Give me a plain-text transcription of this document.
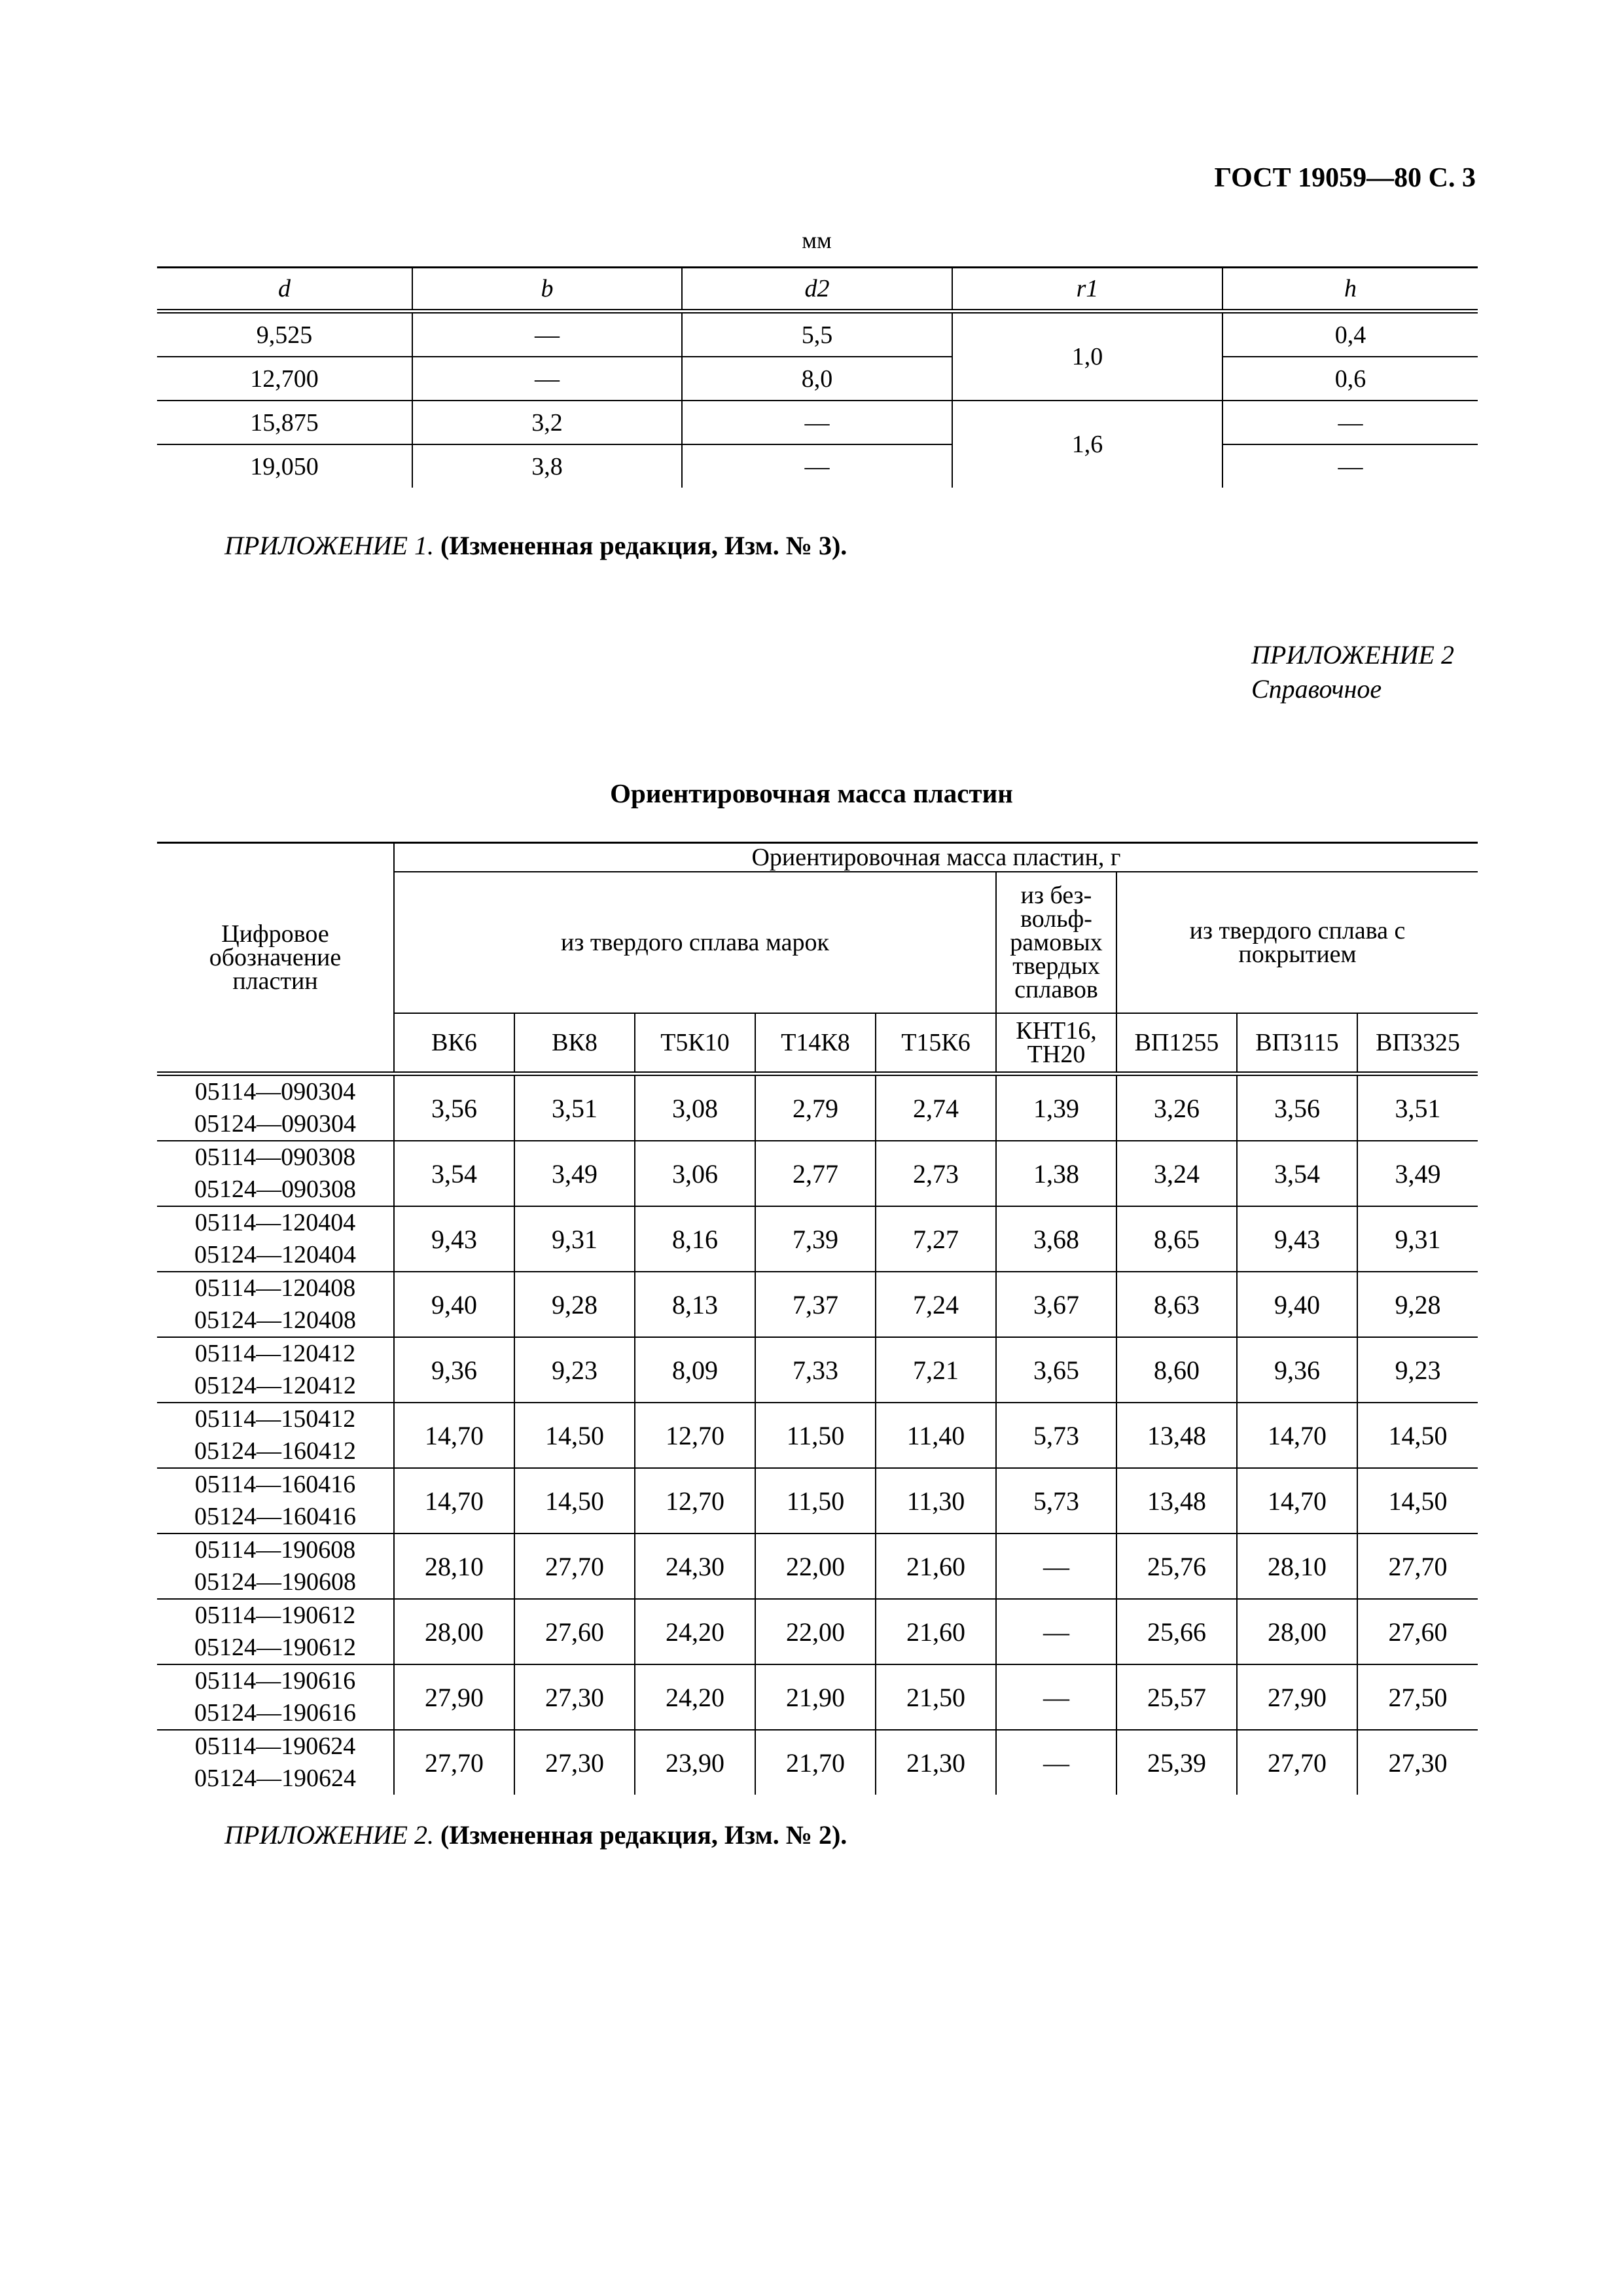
ГОСТ 19059—80 С. 3
мм
d	b	d2	r1	h
9,525	—	5,5	1,0	0,4
12,700	—	8,0		0,6
15,875	3,2	—	1,6	—
19,050	3,8	—		—
ПРИЛОЖЕНИЕ 1. (Измененная редакция, Изм. № 3).
ПРИЛОЖЕНИЕ 2
Справочное
Ориентировочная масса пластин
Цифровое обозначение пластин	Ориентировочная масса пластин, г								
	из твердого сплава марок					из без-вольф-рамовых твердых сплавов	из твердого сплава с покрытием		
	ВК6	ВК8	Т5К10	Т14К8	Т15К6	КНТ16, ТН20	ВП1255	ВП3115	ВП3325

05114—090304
05124—090304	3,56	3,51	3,08	2,79	2,74	1,39	3,26	3,56	3,51

05114—090308
05124—090308	3,54	3,49	3,06	2,77	2,73	1,38	3,24	3,54	3,49

05114—120404
05124—120404	9,43	9,31	8,16	7,39	7,27	3,68	8,65	9,43	9,31

05114—120408
05124—120408	9,40	9,28	8,13	7,37	7,24	3,67	8,63	9,40	9,28

05114—120412
05124—120412	9,36	9,23	8,09	7,33	7,21	3,65	8,60	9,36	9,23

05114—150412
05124—160412	14,70	14,50	12,70	11,50	11,40	5,73	13,48	14,70	14,50

05114—160416
05124—160416	14,70	14,50	12,70	11,50	11,30	5,73	13,48	14,70	14,50

05114—190608
05124—190608	28,10	27,70	24,30	22,00	21,60	—	25,76	28,10	27,70

05114—190612
05124—190612	28,00	27,60	24,20	22,00	21,60	—	25,66	28,00	27,60

05114—190616
05124—190616	27,90	27,30	24,20	21,90	21,50	—	25,57	27,90	27,50

05114—190624
05124—190624	27,70	27,30	23,90	21,70	21,30	—	25,39	27,70	27,30
ПРИЛОЖЕНИЕ 2. (Измененная редакция, Изм. № 2).
